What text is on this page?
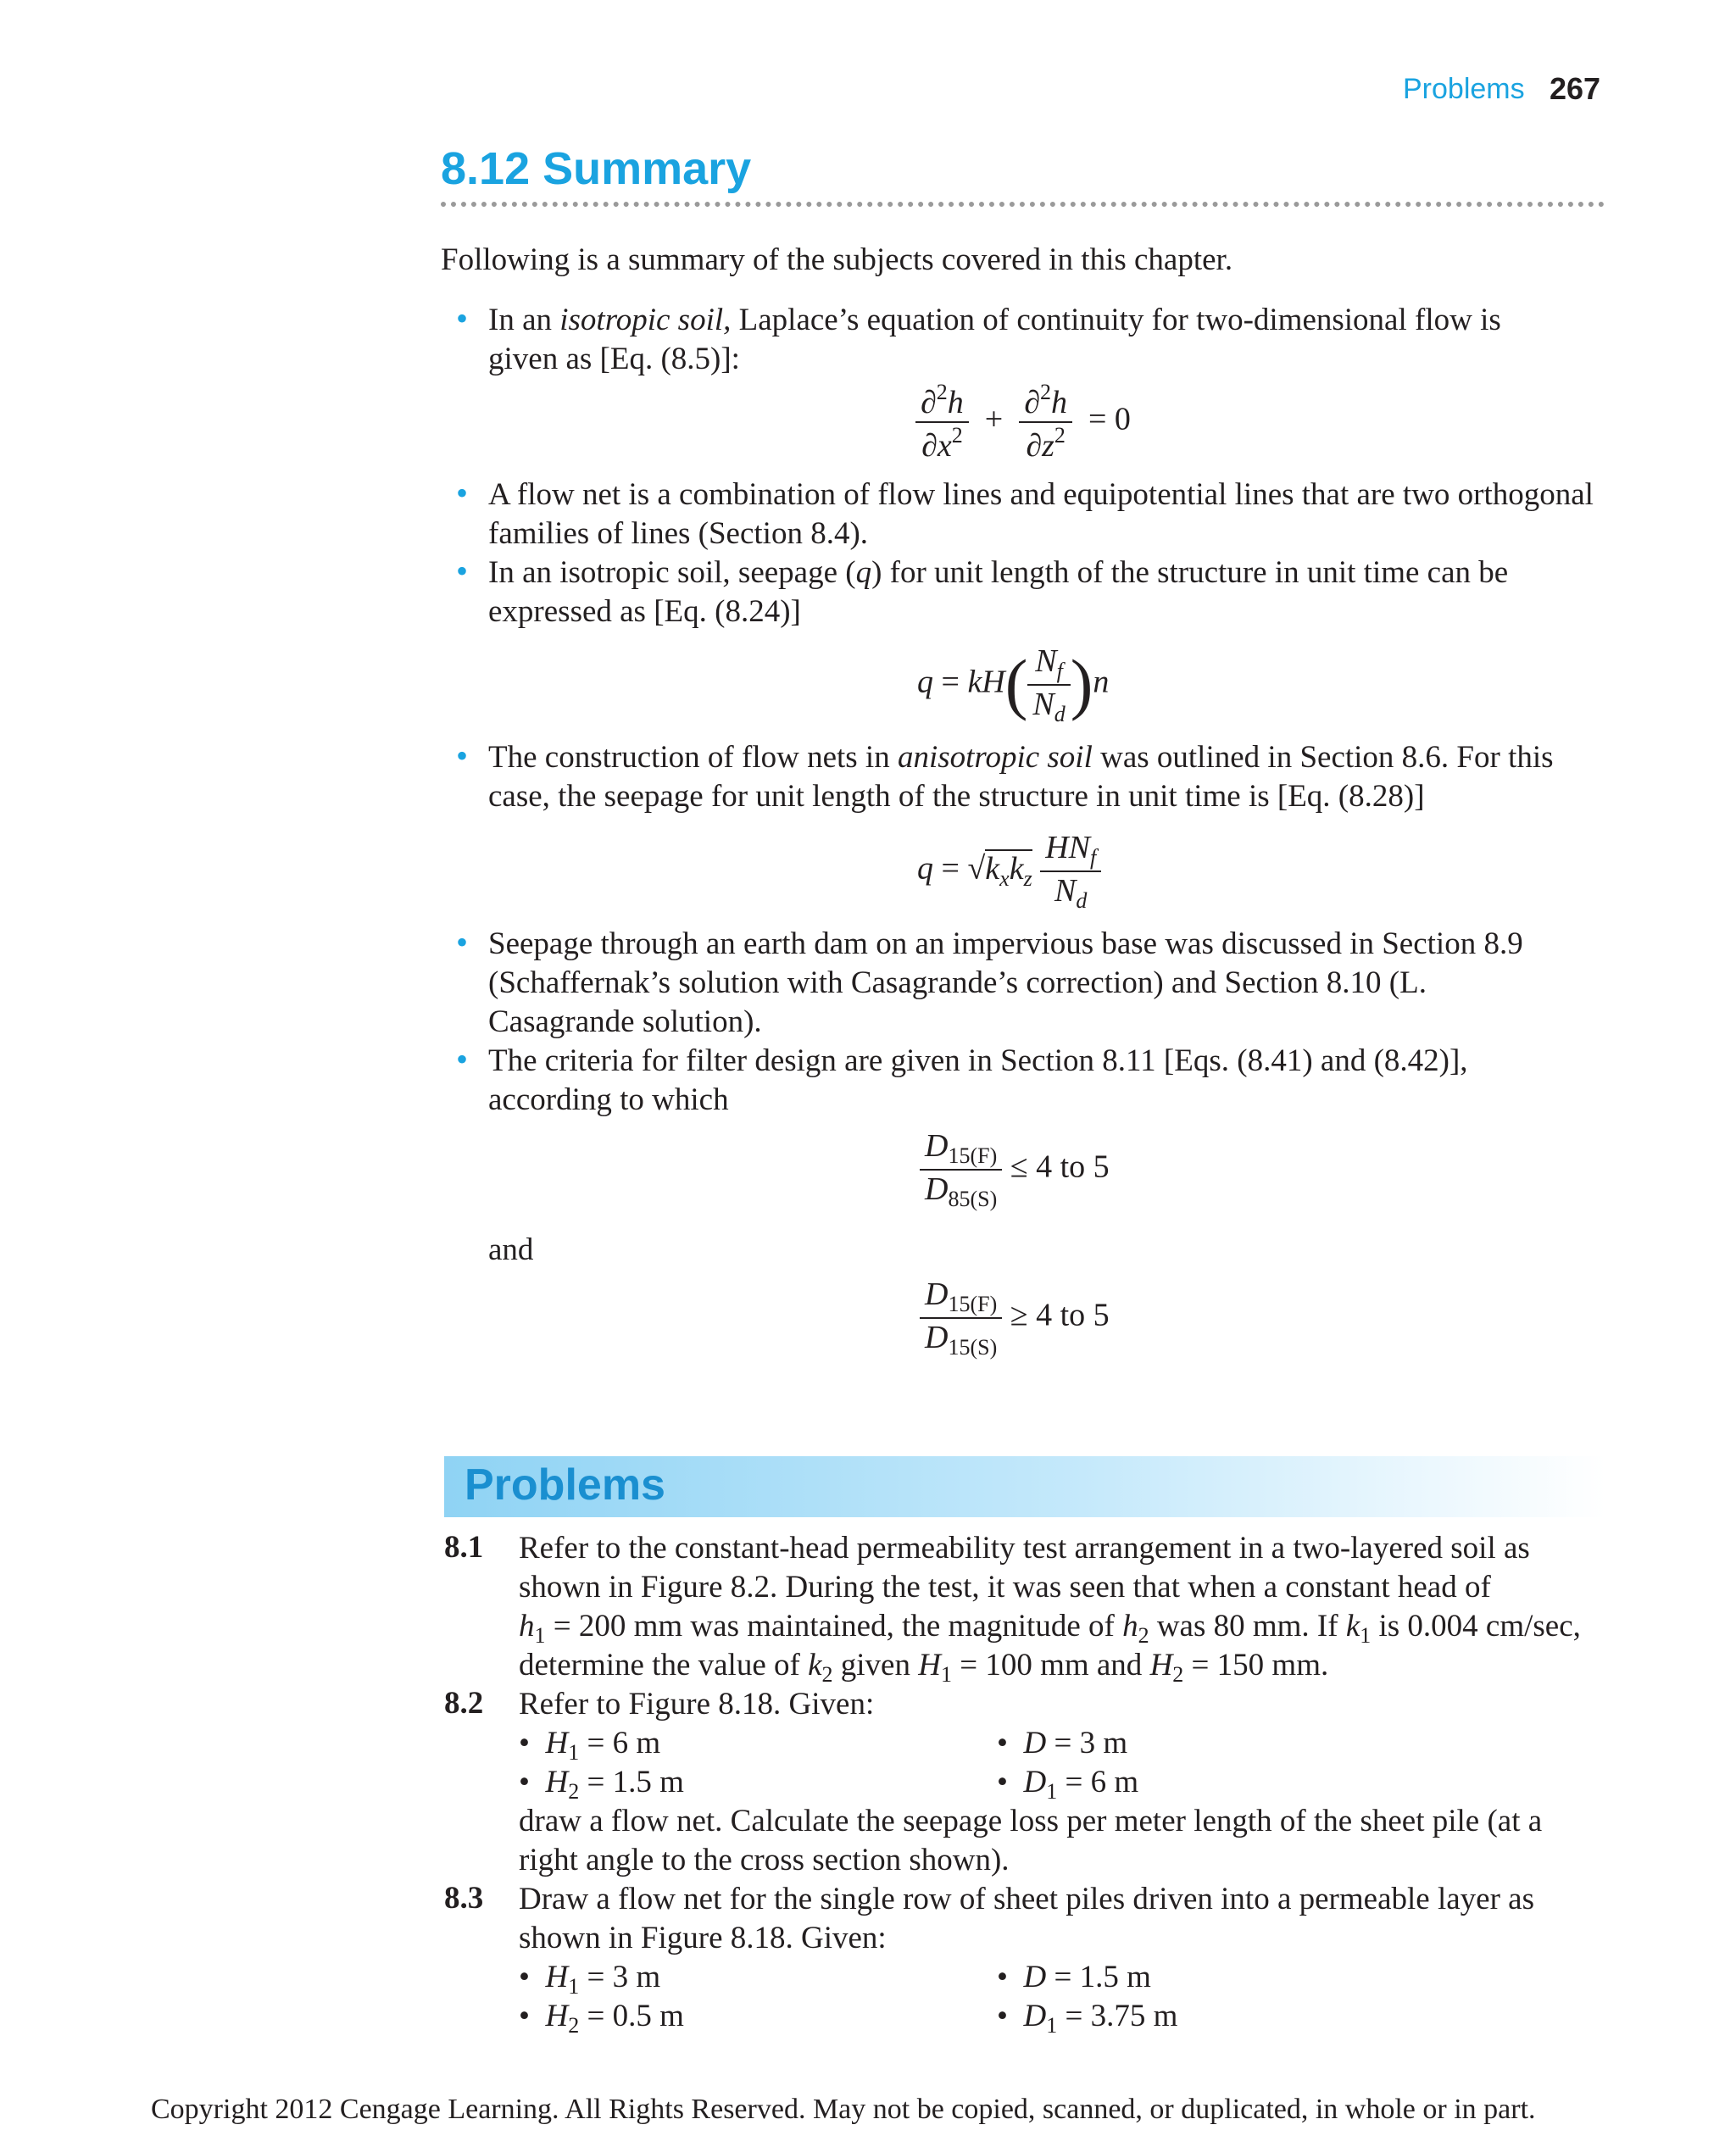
Problems 267
8.12 Summary
Following is a summary of the subjects covered in this chapter.
• In an isotropic soil, Laplace’s equation of continuity for two-dimensional flow is
given as [Eq. (8.5)]:
$\frac{\partial^2h}{\partial x^2} + \frac{\partial^2h}{\partial z^2} = 0$
• A flow net is a combination of flow lines and equipotential lines that are two orthogonal
families of lines (Section 8.4).
• In an isotropic soil, seepage (q) for unit length of the structure in unit time can be
expressed as [Eq. (8.24)]
$q = kH( \frac{N_f}{N_d} )n$
• The construction of flow nets in anisotropic soil was outlined in Section 8.6. For this
case, the seepage for unit length of the structure in unit time is [Eq. (8.28)]
$q = √k_xk_z \frac{HN_f}{N_d}$
• Seepage through an earth dam on an impervious base was discussed in Section 8.9
(Schaffernak’s solution with Casagrande’s correction) and Section 8.10 (L.
Casagrande solution).
• The criteria for filter design are given in Section 8.11 [Eqs. (8.41) and (8.42)],
according to which
$\frac{D_{15(F)}}{D_{85(S)}} \le 4$ to 5
and
$\frac{D_{15(F)}}{D_{15(S)}} \ge 4$ to 5
Problems
8.1 Refer to the constant-head permeability test arrangement in a two-layered soil as
shown in Figure 8.2. During the test, it was seen that when a constant head of
$h_1 = 200$ mm was maintained, the magnitude of $h_2$ was 80 mm. If $k_1$ is 0.004 cm/sec,
determine the value of $k_2$ given $H_1 = 100$ mm and $H_2 = 150$ mm.
8.2 Refer to Figure 8.18. Given:
•  $H_1 = 6$ m	•  D = 3 m
•  $H_2 = 1.5$ m	•  $D_1 = 6$ m
draw a flow net. Calculate the seepage loss per meter length of the sheet pile (at a
right angle to the cross section shown).
8.3 Draw a flow net for the single row of sheet piles driven into a permeable layer as
shown in Figure 8.18. Given:
•  $H_1 = 3$ m	•  D = 1.5 m
•  $H_2 = 0.5$ m	•  $D_1 = 3.75$ m
Copyright 2012 Cengage Learning. All Rights Reserved. May not be copied, scanned, or duplicated, in whole or in part.
